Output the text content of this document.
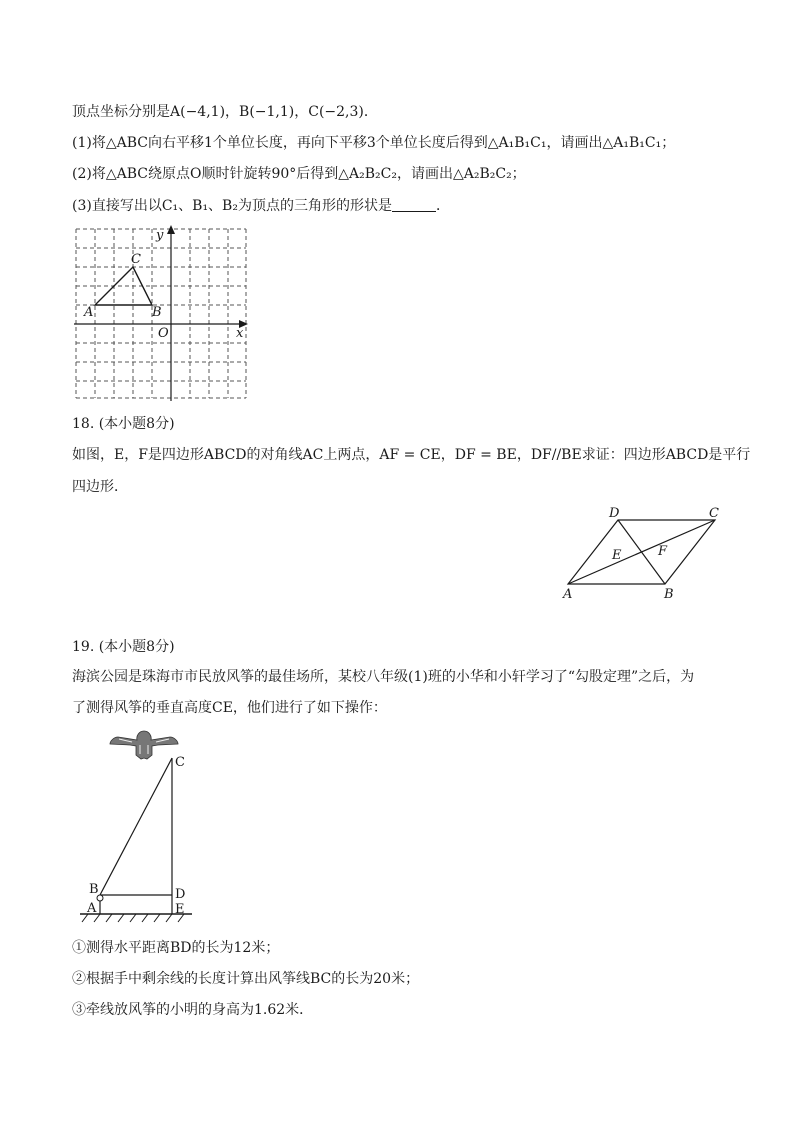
顶点坐标分别是A(−4,1)，B(−1,1)，C(−2,3)．
(1)将△ABC向右平移1个单位长度，再向下平移3个单位长度后得到△A₁B₁C₁，请画出△A₁B₁C₁；
(2)将△ABC绕原点O顺时针旋转90°后得到△A₂B₂C₂，请画出△A₂B₂C₂；
(3)直接写出以C₁、B₁、B₂为顶点的三角形的形状是	．
y
x
O
A	B
C
18. (本小题8分)
如图，E，F是四边形ABCD的对角线AC上两点，AF = CE，DF = BE，DF//BE求证：四边形ABCD是平行
四边形．
D	C
E	F
A	B
19. (本小题8分)
海滨公园是珠海市市民放风筝的最佳场所，某校八年级(1)班的小华和小轩学习了“勾股定理”之后，为
了测得风筝的垂直高度CE，他们进行了如下操作：
C
B	D
A	E
①测得水平距离BD的长为12米；
②根据手中剩余线的长度计算出风筝线BC的长为20米；
③牵线放风筝的小明的身高为1.62米．
